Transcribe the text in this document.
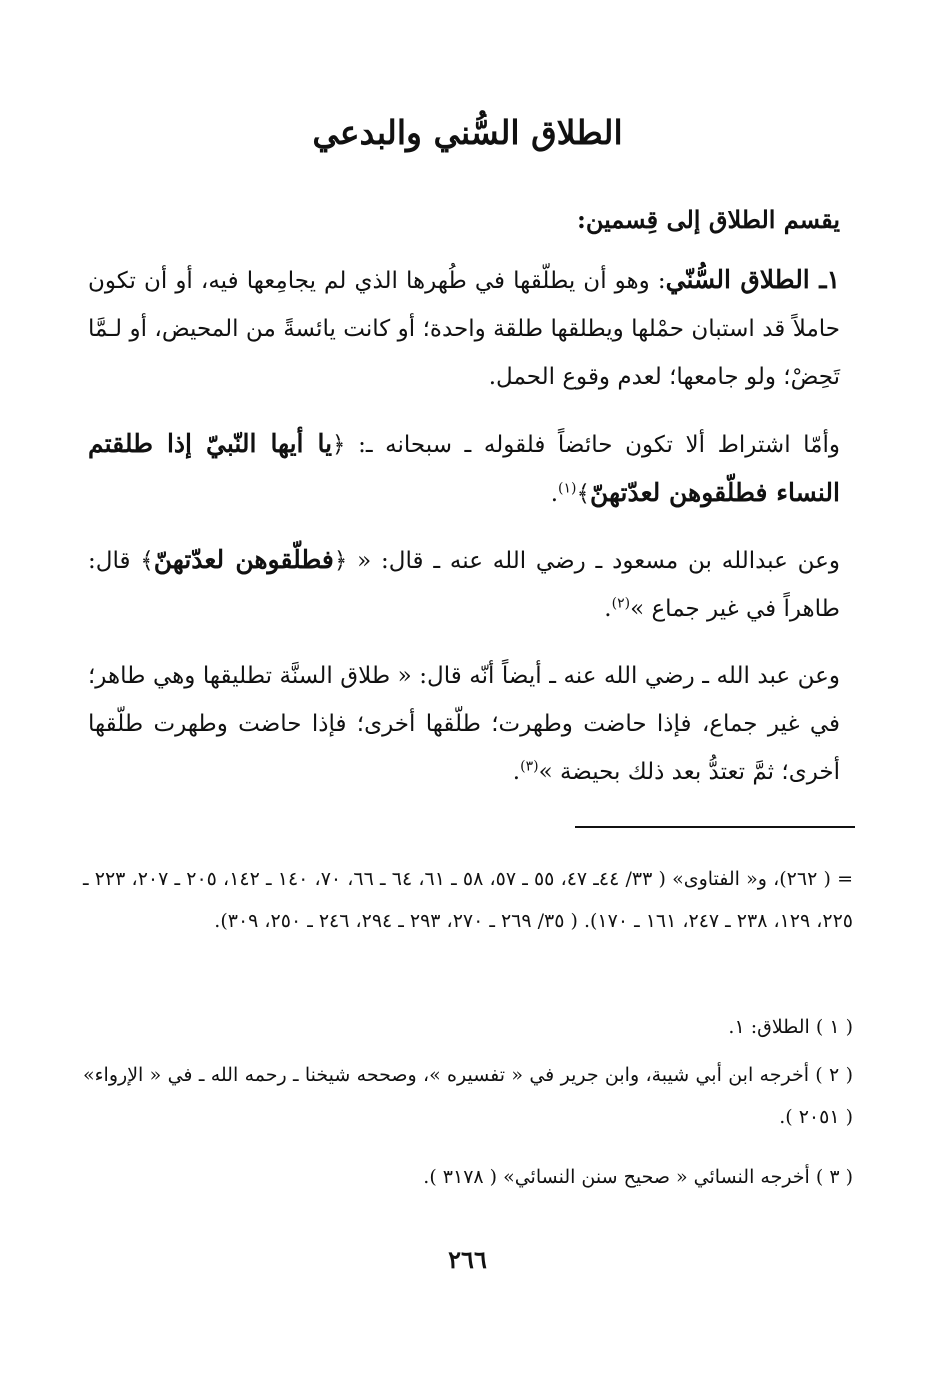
الطلاق السُّني والبدعي
يقسم الطلاق إلى قِسمين:
١ـ الطلاق السُّنّي: وهو أن يطلّقها في طُهرها الذي لم يجامِعها فيه، أو أن تكون حاملاً قد استبان حمْلها ويطلقها طلقة واحدة؛ أو كانت يائسةً من المحيض، أو لـمَّا تَحِضْ؛ ولو جامعها؛ لعدم وقوع الحمل.
وأمّا اشتراط ألا تكون حائضاً فلقوله ـ سبحانه ـ: ﴿يا أيها النّبيّ إذا طلقتم النساء فطلّقوهن لعدّتهنّ﴾$^{(١)}$.
وعن عبدالله بن مسعود ـ رضي الله عنه ـ قال: « ﴿فطلّقوهن لعدّتهنّ﴾ قال: طاهراً في غير جماع »$^{(٢)}$.
وعن عبد الله ـ رضي الله عنه ـ أيضاً أنّه قال: « طلاق السنَّة تطليقها وهي طاهر؛ في غير جماع، فإذا حاضت وطهرت؛ طلّقها أخرى؛ فإذا حاضت وطهرت طلّقها أخرى؛ ثمَّ تعتدُّ بعد ذلك بحيضة »$^{(٣)}$.
= ( ٢٦٢)، و« الفتاوى» ( ٣٣/ ٤٤ـ ٤٧، ٥٥ ـ ٥٧، ٥٨ ـ ٦١، ٦٤ ـ ٦٦، ٧٠، ١٤٠ ـ ١٤٢، ٢٠٥ ـ ٢٠٧، ٢٢٣ ـ ٢٢٥، ١٢٩، ٢٣٨ ـ ٢٤٧، ١٦١ ـ ١٧٠). ( ٣٥/ ٢٦٩ ـ ٢٧٠، ٢٩٣ ـ ٢٩٤، ٢٤٦ ـ ٢٥٠، ٣٠٩).
( ١ ) الطلاق: ١.
( ٢ ) أخرجه ابن أبي شيبة، وابن جرير في « تفسيره »، وصححه شيخنا ـ رحمه الله ـ في « الإرواء» ( ٢٠٥١ ).
( ٣ ) أخرجه النسائي « صحيح سنن النسائي» ( ٣١٧٨ ).
٢٦٦
